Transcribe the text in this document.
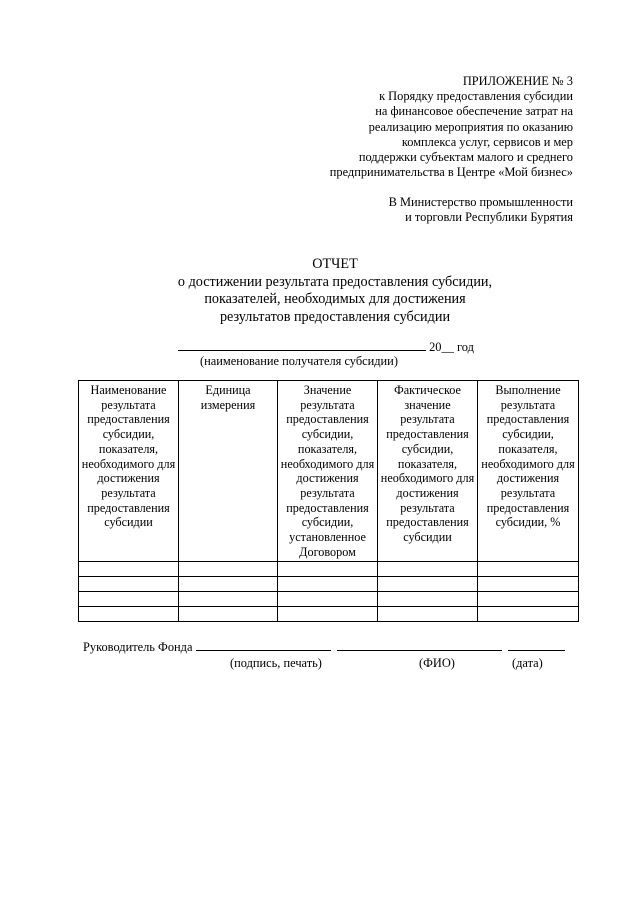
ПРИЛОЖЕНИЕ № 3
к Порядку предоставления субсидии
на финансовое обеспечение затрат на
реализацию мероприятия по оказанию
комплекса услуг, сервисов и мер
поддержки субъектам малого и среднего
предпринимательства в Центре «Мой бизнес»
В Министерство промышленности
и торговли Республики Бурятия
ОТЧЕТ
о достижении результата предоставления субсидии,
показателей, необходимых для достижения
результатов предоставления субсидии
20__ год
(наименование получателя субсидии)
Наименование результата предоставления субсидии, показателя, необходимого для достижения результата предоставления субсидии	Единица измерения	Значение результата предоставления субсидии, показателя, необходимого для достижения результата предоставления субсидии, установленное Договором	Фактическое значение результата предоставления субсидии, показателя, необходимого для достижения результата предоставления субсидии	Выполнение результата предоставления субсидии, показателя, необходимого для достижения результата предоставления субсидии, %

Руководитель Фонда
(подпись, печать)	(ФИО)	(дата)
